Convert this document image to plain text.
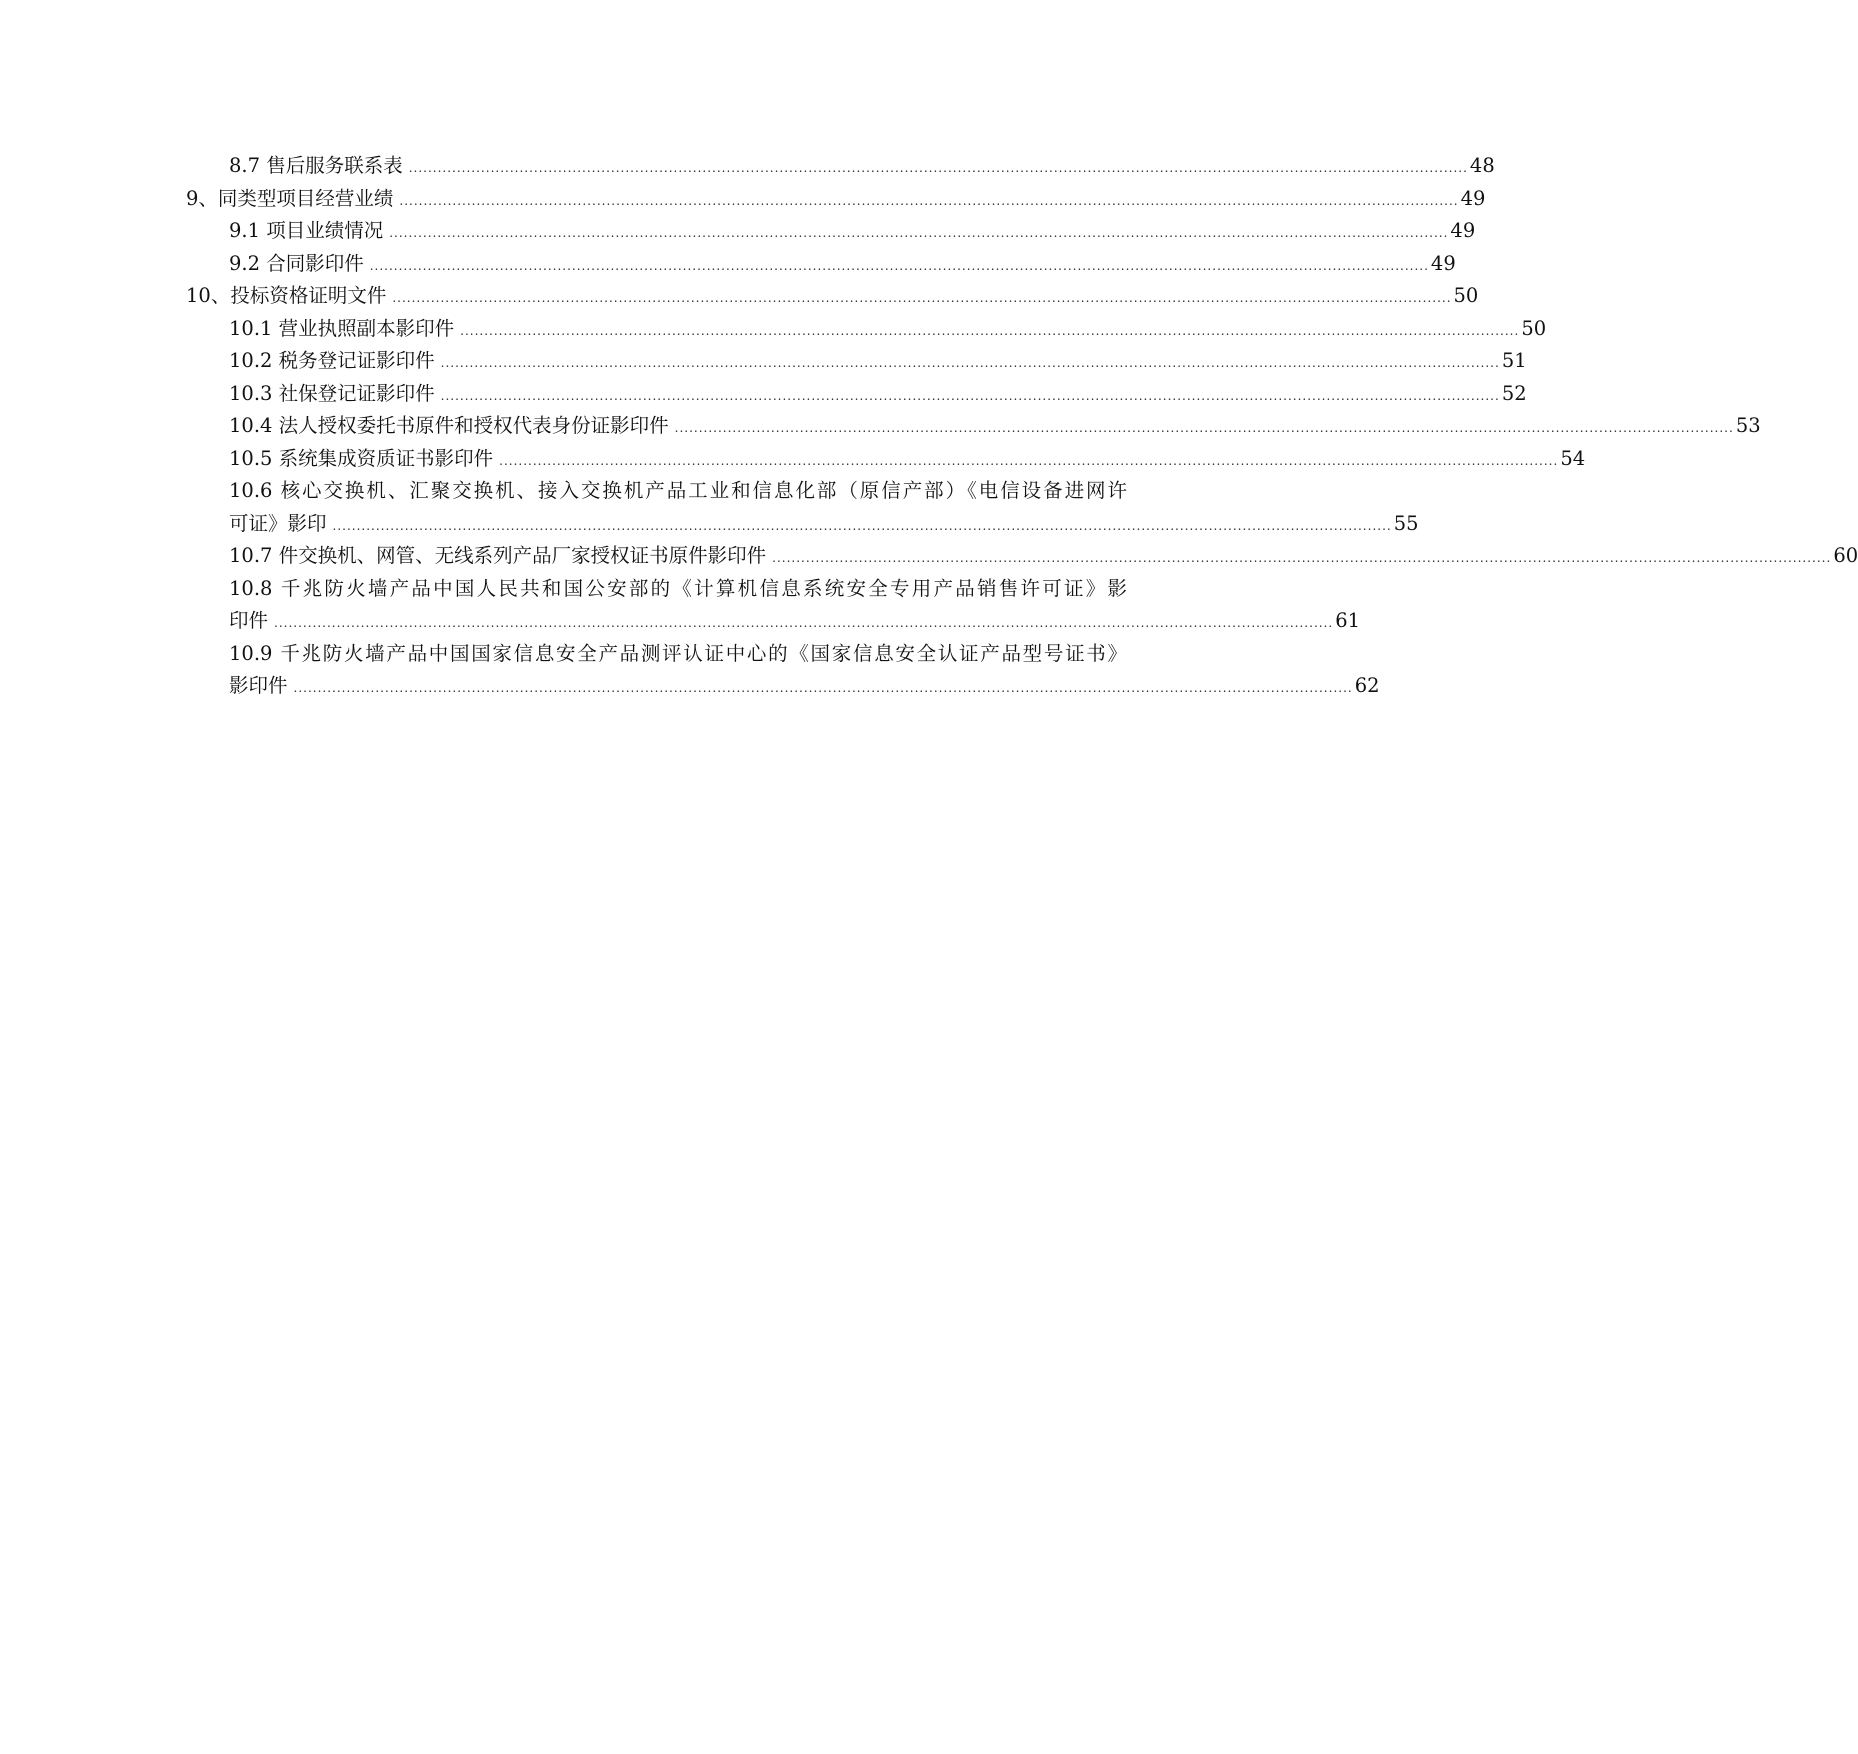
8.7 售后服务联系表 ............................................................................................................................................................................................................................ 48
9、同类型项目经营业绩 ............................................................................................................................................................................................................................ 49
9.1 项目业绩情况 ............................................................................................................................................................................................................................ 49
9.2 合同影印件 ............................................................................................................................................................................................................................ 49
10、投标资格证明文件 ............................................................................................................................................................................................................................ 50
10.1 营业执照副本影印件 ............................................................................................................................................................................................................................ 50
10.2 税务登记证影印件 ............................................................................................................................................................................................................................ 51
10.3 社保登记证影印件 ............................................................................................................................................................................................................................ 52
10.4 法人授权委托书原件和授权代表身份证影印件 ............................................................................................................................................................................................................................ 53
10.5 系统集成资质证书影印件 ............................................................................................................................................................................................................................ 54
10.6 核心交换机、汇聚交换机、接入交换机产品工业和信息化部（原信产部）《电信设备进网许
可证》影印 ............................................................................................................................................................................................................................ 55
10.7 件交换机、网管、无线系列产品厂家授权证书原件影印件 ............................................................................................................................................................................................................................ 60
10.8 千兆防火墙产品中国人民共和国公安部的《计算机信息系统安全专用产品销售许可证》影
印件 ............................................................................................................................................................................................................................ 61
10.9 千兆防火墙产品中国国家信息安全产品测评认证中心的《国家信息安全认证产品型号证书》
影印件 ............................................................................................................................................................................................................................ 62
